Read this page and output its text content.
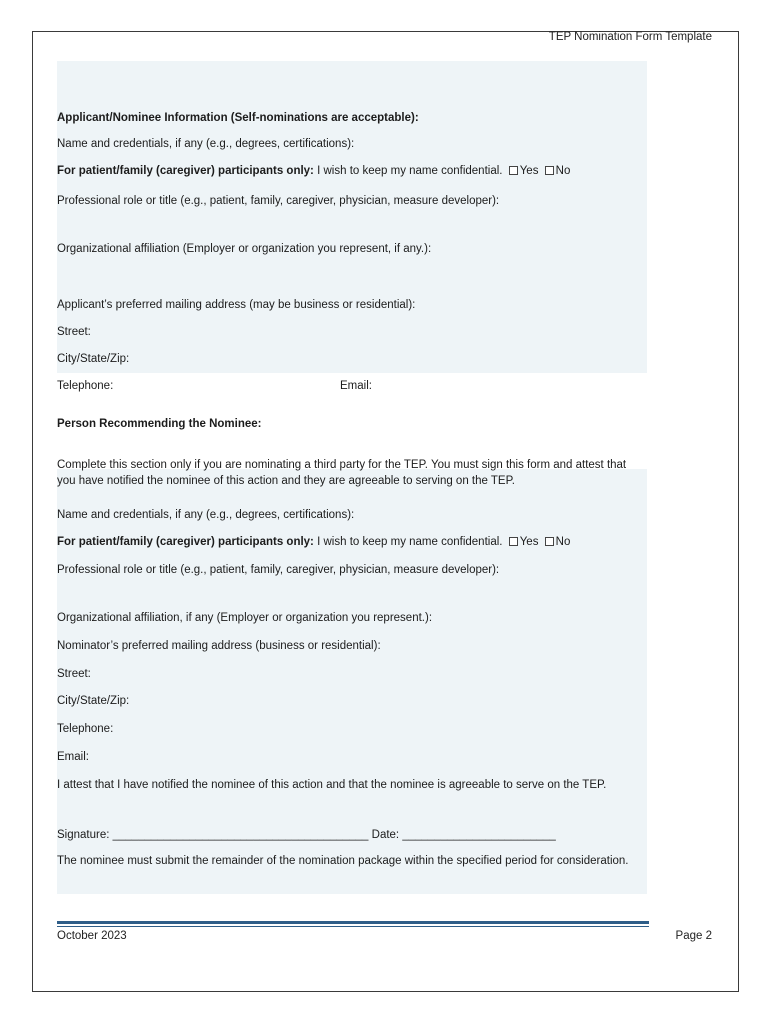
TEP Nomination Form Template
Applicant/Nominee Information (Self-nominations are acceptable):
Name and credentials, if any (e.g., degrees, certifications):
For patient/family (caregiver) participants only: I wish to keep my name confidential. Yes No
Professional role or title (e.g., patient, family, caregiver, physician, measure developer):
Organizational affiliation (Employer or organization you represent, if any.):
Applicant’s preferred mailing address (may be business or residential):
Street:
City/State/Zip:
Telephone:	Email:
Person Recommending the Nominee:
Complete this section only if you are nominating a third party for the TEP. You must sign this form and attest that you have notified the nominee of this action and they are agreeable to serving on the TEP.
Name and credentials, if any (e.g., degrees, certifications):
For patient/family (caregiver) participants only: I wish to keep my name confidential. Yes No
Professional role or title (e.g., patient, family, caregiver, physician, measure developer):
Organizational affiliation, if any (Employer or organization you represent.):
Nominator’s preferred mailing address (business or residential):
Street:
City/State/Zip:
Telephone:
Email:
I attest that I have notified the nominee of this action and that the nominee is agreeable to serve on the TEP.
Signature: ________________________________________ Date: ________________________
The nominee must submit the remainder of the nomination package within the specified period for consideration.
October 2023	Page 2
